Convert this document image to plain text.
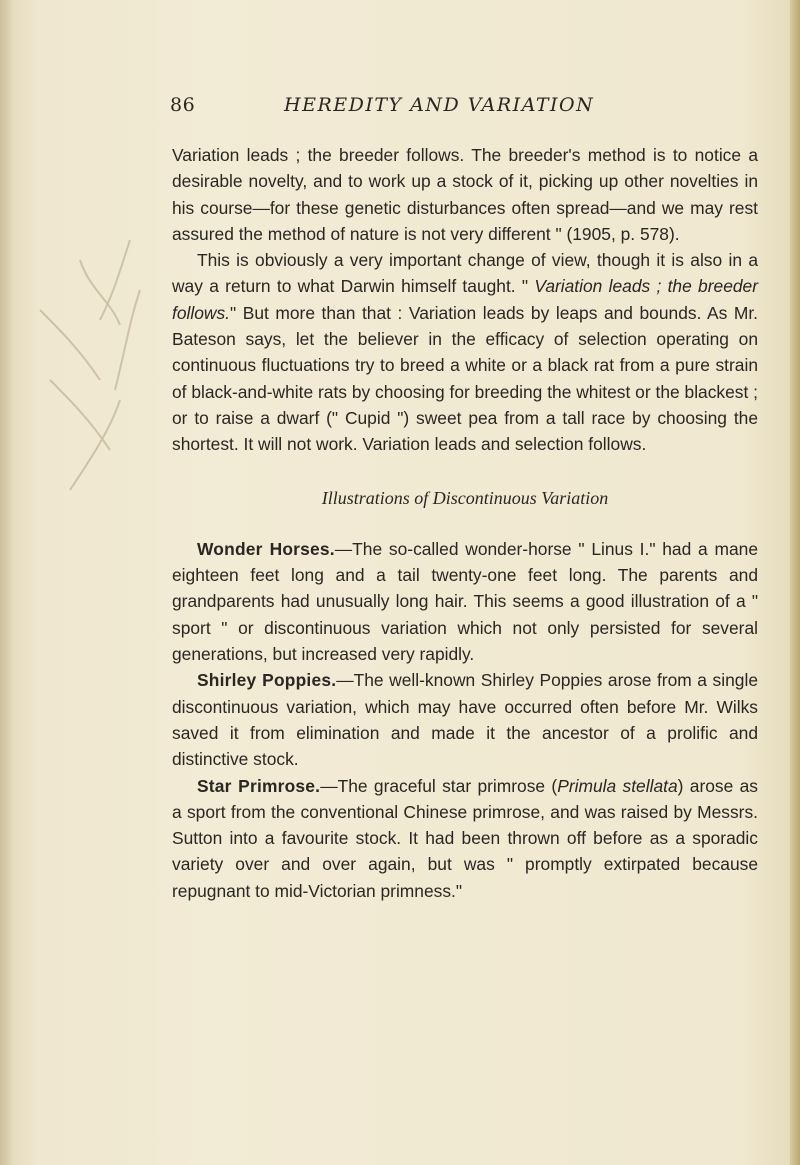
86	HEREDITY AND VARIATION

Variation leads ; the breeder follows. The breeder's method is to notice a desirable novelty, and to work up a stock of it, picking up other novelties in his course—for these genetic disturbances often spread—and we may rest assured the method of nature is not very different " (1905, p. 578).

This is obviously a very important change of view, though it is also in a way a return to what Darwin himself taught. " Variation leads ; the breeder follows." But more than that : Variation leads by leaps and bounds. As Mr. Bateson says, let the believer in the efficacy of selection operating on continuous fluctuations try to breed a white or a black rat from a pure strain of black-and-white rats by choosing for breeding the whitest or the blackest ; or to raise a dwarf (" Cupid ") sweet pea from a tall race by choosing the shortest. It will not work. Variation leads and selection follows.

Illustrations of Discontinuous Variation

Wonder Horses.—The so-called wonder-horse " Linus I." had a mane eighteen feet long and a tail twenty-one feet long. The parents and grandparents had unusually long hair. This seems a good illustration of a " sport " or discontinuous variation which not only persisted for several generations, but increased very rapidly.

Shirley Poppies.—The well-known Shirley Poppies arose from a single discontinuous variation, which may have occurred often before Mr. Wilks saved it from elimination and made it the ancestor of a prolific and distinctive stock.

Star Primrose.—The graceful star primrose (Primula stellata) arose as a sport from the conventional Chinese primrose, and was raised by Messrs. Sutton into a favourite stock. It had been thrown off before as a sporadic variety over and over again, but was " promptly extirpated because repugnant to mid-Victorian primness."
